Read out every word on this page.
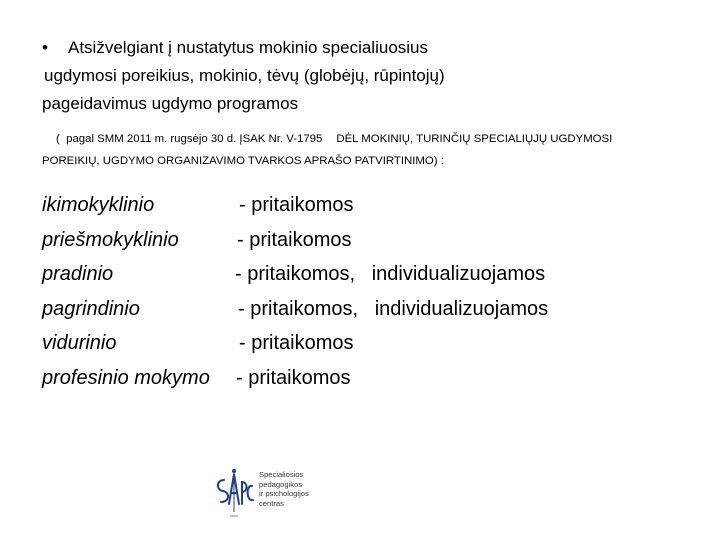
• Atsižvelgiant į nustatytus mokinio specialiuosius
ugdymosi poreikius, mokinio, tėvų (globėjų, rūpintojų)
pageidavimus ugdymo programos
( pagal SMM 2011 m. rugsėjo 30 d. ĮSAK Nr. V-1795 DĖL MOKINIŲ, TURINČIŲ SPECIALIŲJŲ UGDYMOSI
POREIKIŲ, UGDYMO ORGANIZAVIMO TVARKOS APRAŠO PATVIRTINIMO) :
ikimokyklinio	- pritaikomos
priešmokyklinio	- pritaikomos
pradinio	- pritaikomos,   individualizuojamos
pagrindinio	- pritaikomos,   individualizuojamos
vidurinio	- pritaikomos
profesinio mokymo - pritaikomos
Specialiosios
pedagogikos
ir psichologijos
centras
